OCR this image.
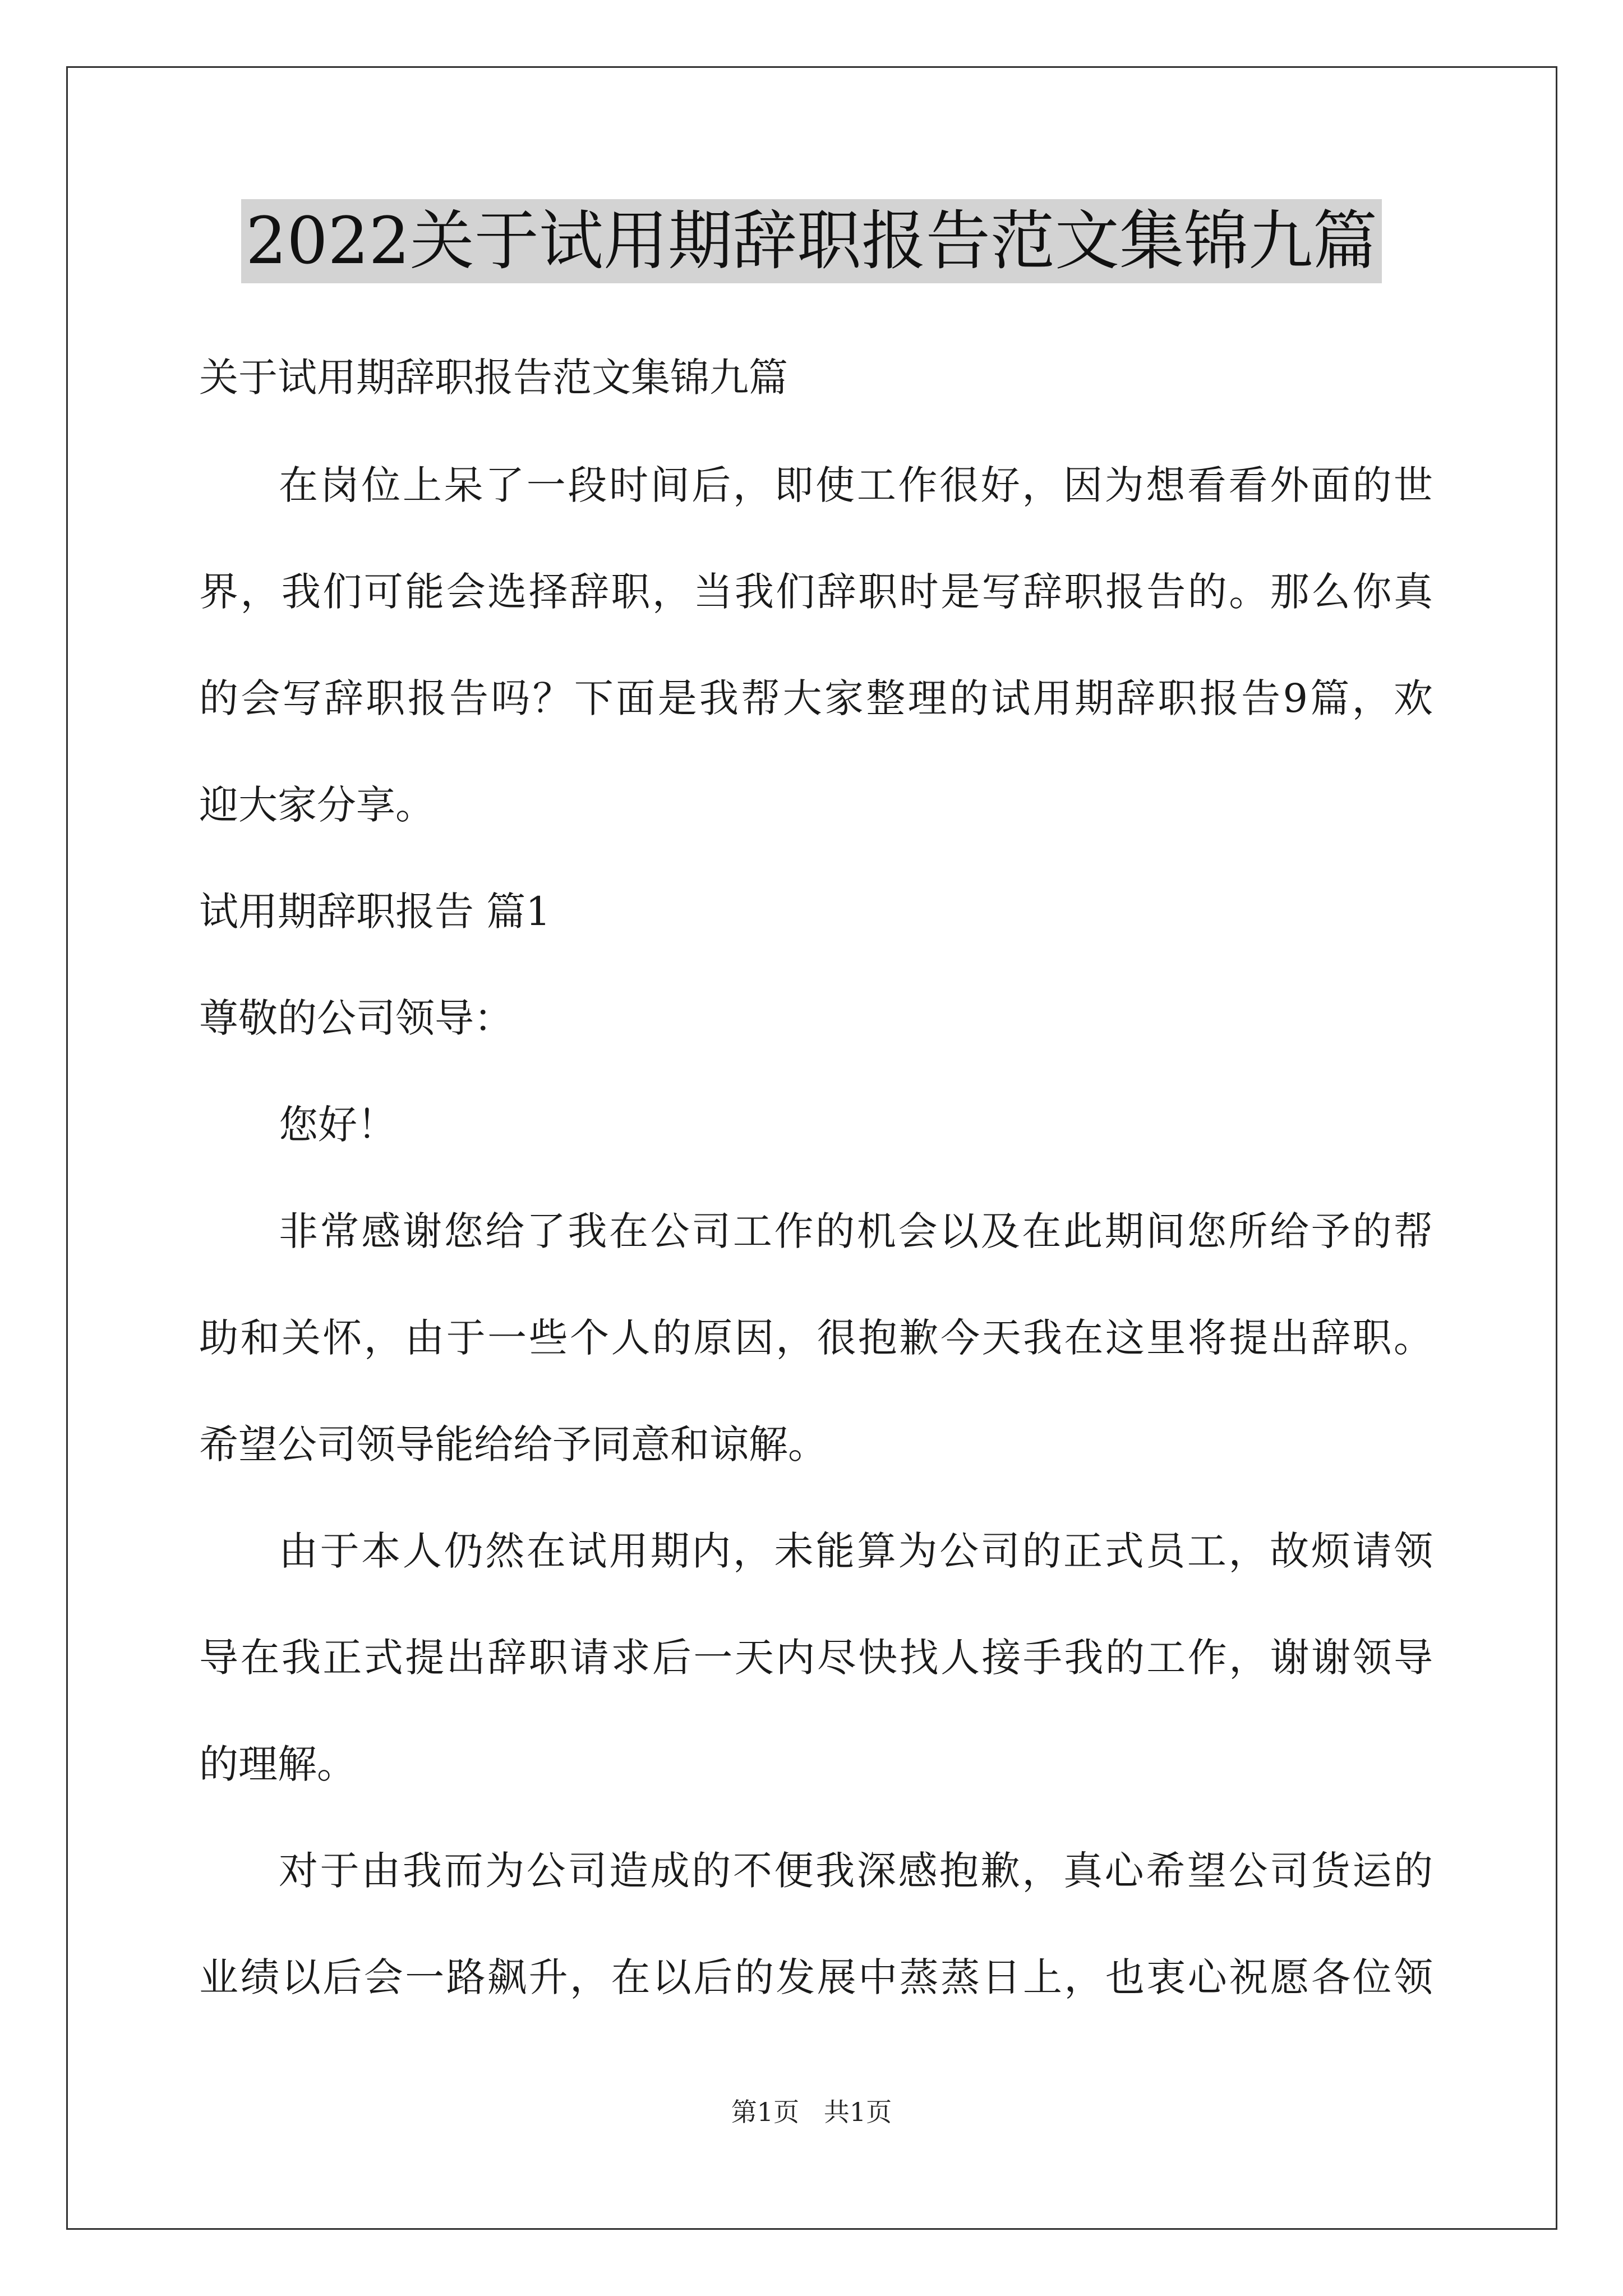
2022关于试用期辞职报告范文集锦九篇
关于试用期辞职报告范文集锦九篇
在岗位上呆了一段时间后，即使工作很好，因为想看看外面的世
界，我们可能会选择辞职，当我们辞职时是写辞职报告的。那么你真
的会写辞职报告吗？下面是我帮大家整理的试用期辞职报告9篇，欢
迎大家分享。
试用期辞职报告 篇1
尊敬的公司领导：
您好！
非常感谢您给了我在公司工作的机会以及在此期间您所给予的帮
助和关怀，由于一些个人的原因，很抱歉今天我在这里将提出辞职。
希望公司领导能给给予同意和谅解。
由于本人仍然在试用期内，未能算为公司的正式员工，故烦请领
导在我正式提出辞职请求后一天内尽快找人接手我的工作，谢谢领导
的理解。
对于由我而为公司造成的不便我深感抱歉，真心希望公司货运的
业绩以后会一路飙升，在以后的发展中蒸蒸日上，也衷心祝愿各位领
第1页   共1页
